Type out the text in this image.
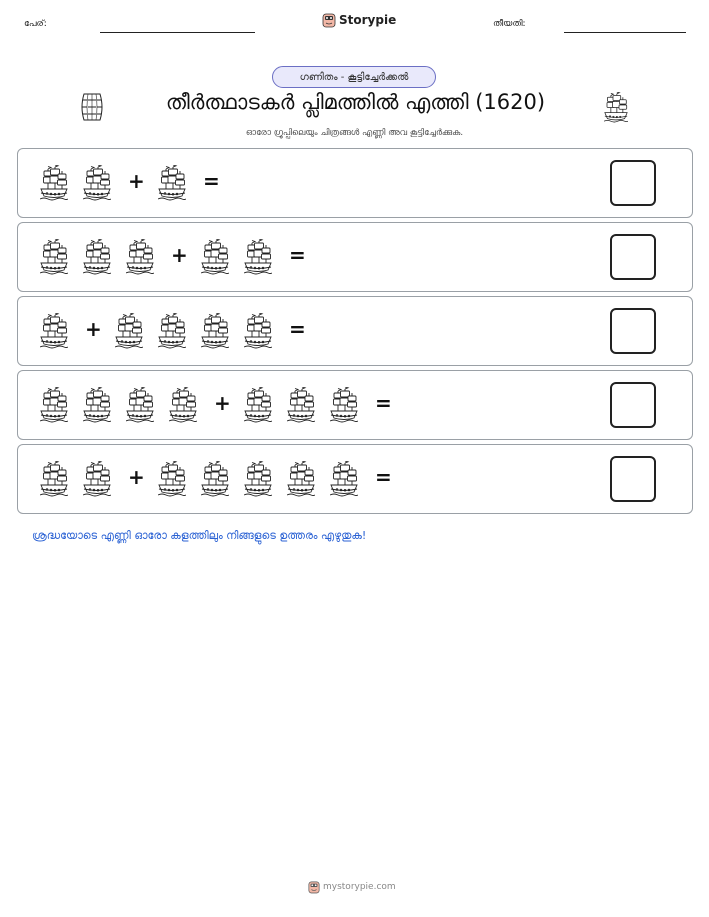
പേര്:	Storypie	തീയതി:
ഗണിതം - കൂട്ടിച്ചേർക്കൽ
തീർത്ഥാടകർ പ്ലിമത്തിൽ എത്തി (1620)
ഓരോ ഗ്രൂപ്പിലെയും ചിത്രങ്ങൾ എണ്ണി അവ കൂട്ടിച്ചേർക്കുക.
+	=
+	=
+	=
+	=
+	=
ശ്രദ്ധയോടെ എണ്ണി ഓരോ കളത്തിലും നിങ്ങളുടെ ഉത്തരം എഴുതുക!
mystorypie.com
